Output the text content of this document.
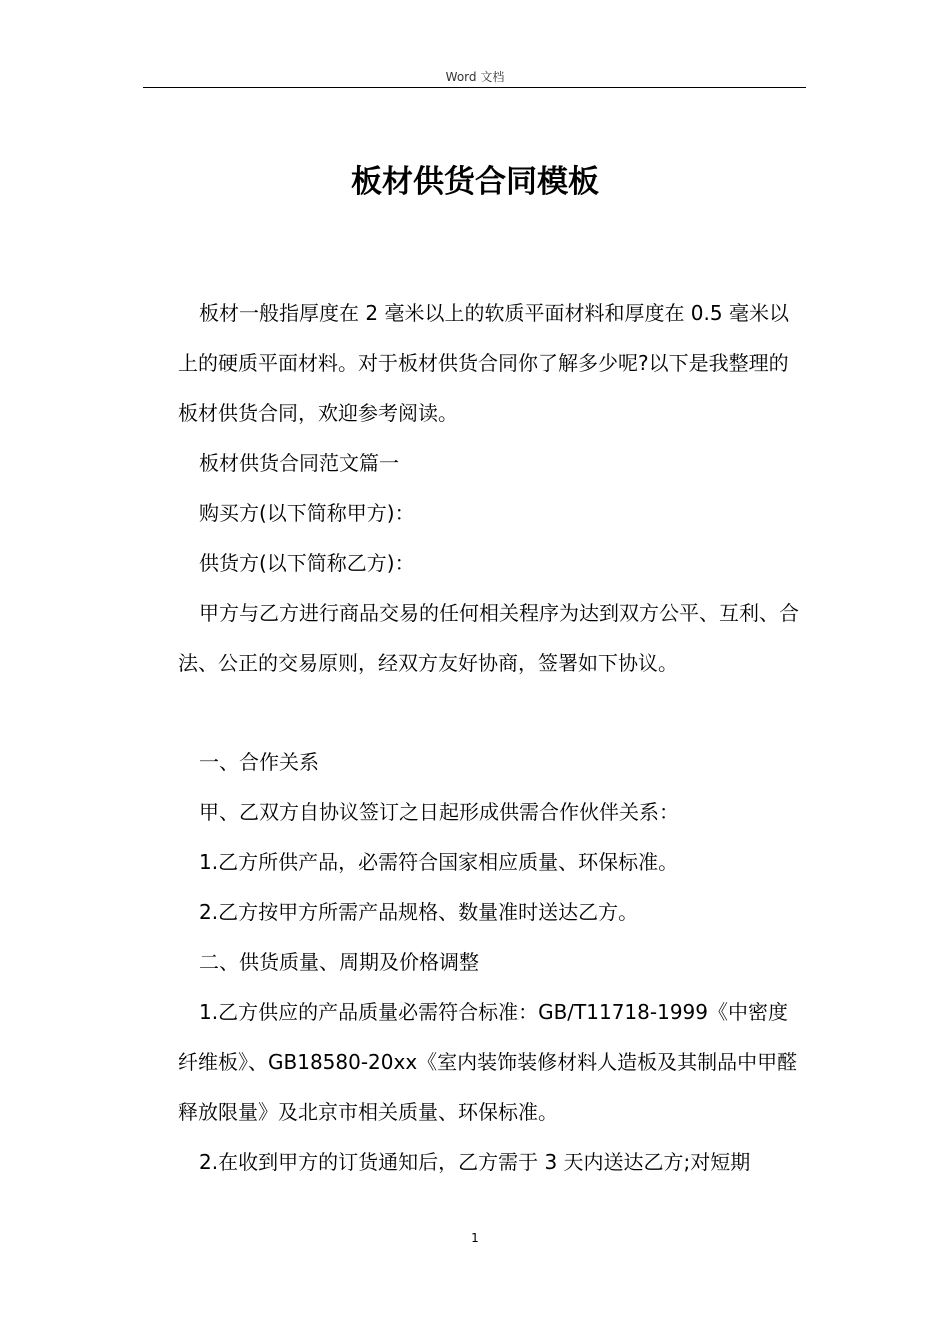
Word 文档
板材供货合同模板

板材一般指厚度在 2 毫米以上的软质平面材料和厚度在 0.5 毫米以上的硬质平面材料。对于板材供货合同你了解多少呢?以下是我整理的板材供货合同，欢迎参考阅读。

板材供货合同范文篇一

购买方(以下简称甲方)：

供货方(以下简称乙方)：

甲方与乙方进行商品交易的任何相关程序为达到双方公平、互利、合法、公正的交易原则，经双方友好协商，签署如下协议。

一、合作关系

甲、乙双方自协议签订之日起形成供需合作伙伴关系：

1.乙方所供产品，必需符合国家相应质量、环保标准。

2.乙方按甲方所需产品规格、数量准时送达乙方。

二、供货质量、周期及价格调整

1.乙方供应的产品质量必需符合标准：GB/T11718-1999《中密度纤维板》、GB18580-20xx《室内装饰装修材料人造板及其制品中甲醛释放限量》及北京市相关质量、环保标准。

2.在收到甲方的订货通知后，乙方需于 3 天内送达乙方;对短期

1
